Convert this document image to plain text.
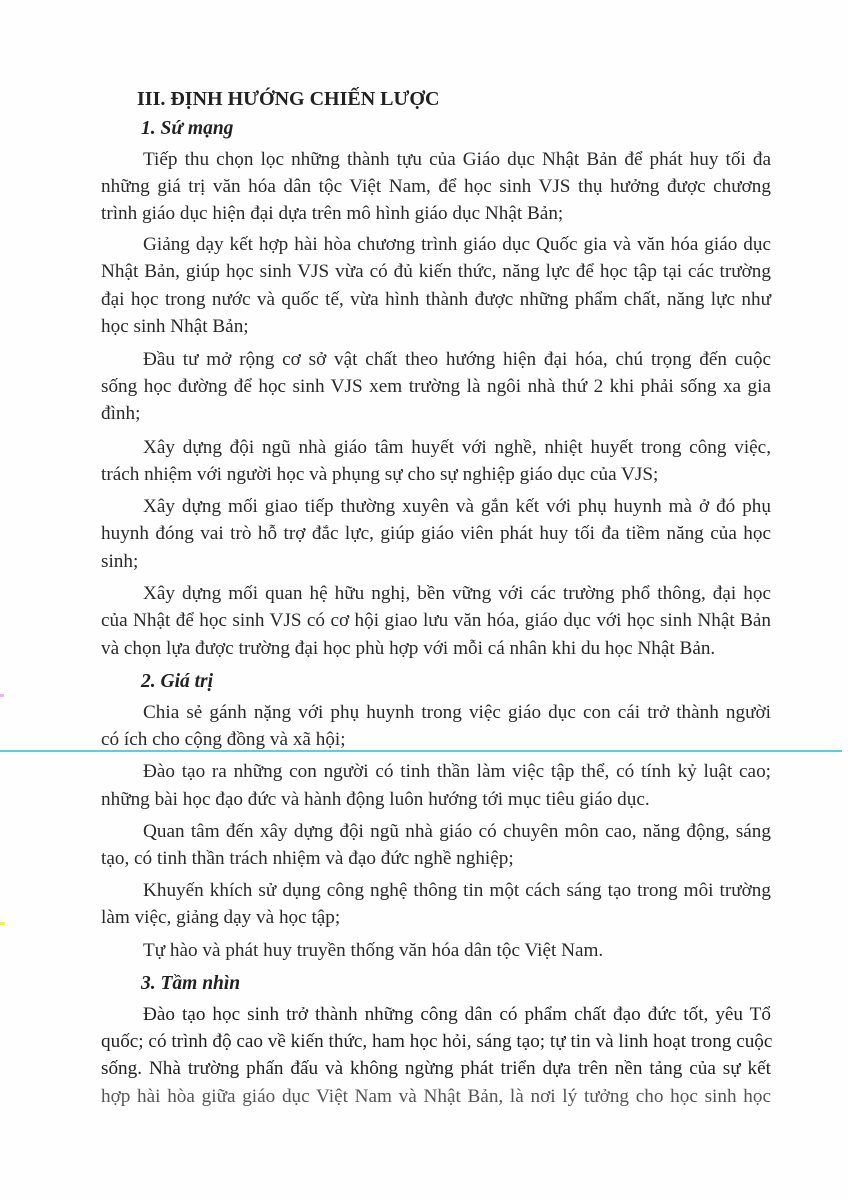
III. ĐỊNH HƯỚNG CHIẾN LƯỢC
1. Sứ mạng
Tiếp thu chọn lọc những thành tựu của Giáo dục Nhật Bản để phát huy tối đa
những giá trị văn hóa dân tộc Việt Nam, để học sinh VJS thụ hưởng được chương
trình giáo dục hiện đại dựa trên mô hình giáo dục Nhật Bản;
Giảng dạy kết hợp hài hòa chương trình giáo dục Quốc gia và văn hóa giáo dục
Nhật Bản, giúp học sinh VJS vừa có đủ kiến thức, năng lực để học tập tại các trường
đại học trong nước và quốc tế, vừa hình thành được những phẩm chất, năng lực như
học sinh Nhật Bản;
Đầu tư mở rộng cơ sở vật chất theo hướng hiện đại hóa, chú trọng đến cuộc
sống học đường để học sinh VJS xem trường là ngôi nhà thứ 2 khi phải sống xa gia
đình;
Xây dựng đội ngũ nhà giáo tâm huyết với nghề, nhiệt huyết trong công việc,
trách nhiệm với người học và phụng sự cho sự nghiệp giáo dục của VJS;
Xây dựng mối giao tiếp thường xuyên và gắn kết với phụ huynh mà ở đó phụ
huynh đóng vai trò hỗ trợ đắc lực, giúp giáo viên phát huy tối đa tiềm năng của học
sinh;
Xây dựng mối quan hệ hữu nghị, bền vững với các trường phổ thông, đại học
của Nhật để học sinh VJS có cơ hội giao lưu văn hóa, giáo dục với học sinh Nhật Bản
và chọn lựa được trường đại học phù hợp với mỗi cá nhân khi du học Nhật Bản.
2. Giá trị
Chia sẻ gánh nặng với phụ huynh trong việc giáo dục con cái trở thành người
có ích cho cộng đồng và xã hội;
Đào tạo ra những con người có tinh thần làm việc tập thể, có tính kỷ luật cao;
những bài học đạo đức và hành động luôn hướng tới mục tiêu giáo dục.
Quan tâm đến xây dựng đội ngũ nhà giáo có chuyên môn cao, năng động, sáng
tạo, có tinh thần trách nhiệm và đạo đức nghề nghiệp;
Khuyến khích sử dụng công nghệ thông tin một cách sáng tạo trong môi trường
làm việc, giảng dạy và học tập;
Tự hào và phát huy truyền thống văn hóa dân tộc Việt Nam.
3. Tầm nhìn
Đào tạo học sinh trở thành những công dân có phẩm chất đạo đức tốt, yêu Tổ
quốc; có trình độ cao về kiến thức, ham học hỏi, sáng tạo; tự tin và linh hoạt trong cuộc
sống. Nhà trường phấn đấu và không ngừng phát triển dựa trên nền tảng của sự kết
hợp hài hòa giữa giáo dục Việt Nam và Nhật Bản, là nơi lý tưởng cho học sinh học
